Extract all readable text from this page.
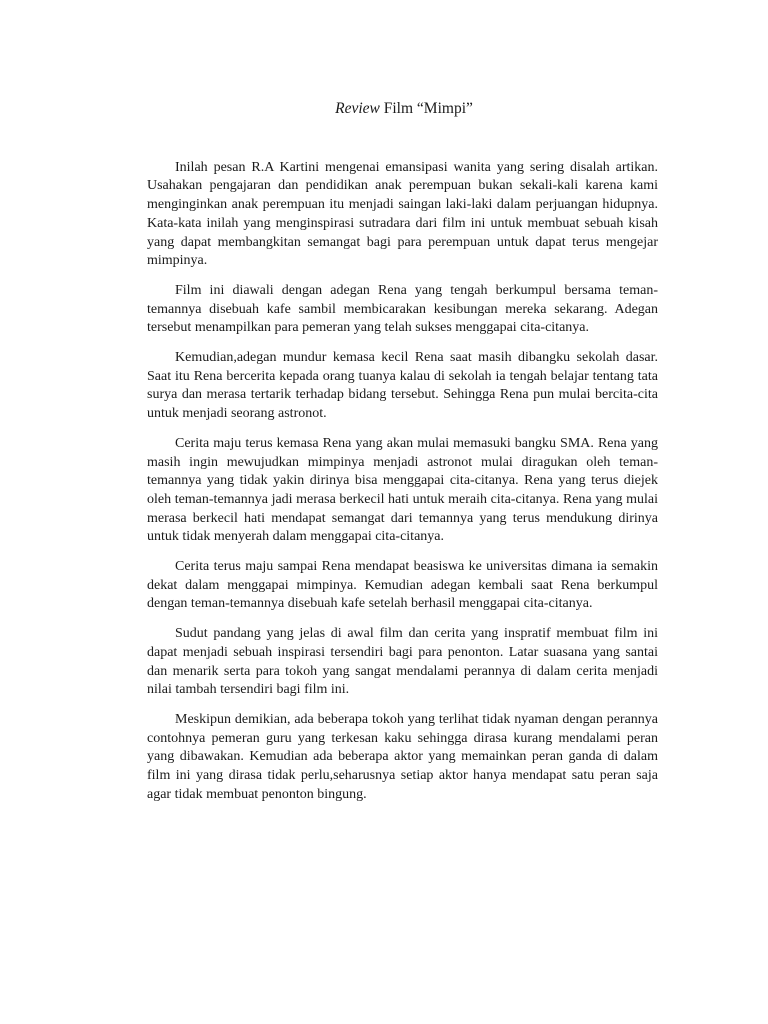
Review Film “Mimpi”

Inilah pesan R.A Kartini mengenai emansipasi wanita yang sering disalah artikan. Usahakan pengajaran dan pendidikan anak perempuan bukan sekali-kali karena kami menginginkan anak perempuan itu menjadi saingan laki-laki dalam perjuangan hidupnya. Kata-kata inilah yang menginspirasi sutradara dari film ini untuk membuat sebuah kisah yang dapat membangkitan semangat bagi para perempuan untuk dapat terus mengejar mimpinya.

Film ini diawali dengan adegan Rena yang tengah berkumpul bersama teman-temannya disebuah kafe sambil membicarakan kesibungan mereka sekarang. Adegan tersebut menampilkan para pemeran yang telah sukses menggapai cita-citanya.

Kemudian,adegan mundur kemasa kecil Rena saat masih dibangku sekolah dasar. Saat itu Rena bercerita kepada orang tuanya kalau di sekolah ia tengah belajar tentang tata surya dan merasa tertarik terhadap bidang tersebut. Sehingga Rena pun mulai bercita-cita untuk menjadi seorang astronot.

Cerita maju terus kemasa Rena yang akan mulai memasuki bangku SMA. Rena yang masih ingin mewujudkan mimpinya menjadi astronot mulai diragukan oleh teman-temannya yang tidak yakin dirinya bisa menggapai cita-citanya. Rena yang terus diejek oleh teman-temannya jadi merasa berkecil hati untuk meraih cita-citanya. Rena yang mulai merasa berkecil hati mendapat semangat dari temannya yang terus mendukung dirinya untuk tidak menyerah dalam menggapai cita-citanya.

Cerita terus maju sampai Rena mendapat beasiswa ke universitas dimana ia semakin dekat dalam menggapai mimpinya. Kemudian adegan kembali saat Rena berkumpul dengan teman-temannya disebuah kafe setelah berhasil menggapai cita-citanya.

Sudut pandang yang jelas di awal film dan cerita yang inspratif membuat film ini dapat menjadi sebuah inspirasi tersendiri bagi para penonton. Latar suasana yang santai dan menarik serta para tokoh yang sangat mendalami perannya di dalam cerita menjadi nilai tambah tersendiri bagi film ini.

Meskipun demikian, ada beberapa tokoh yang terlihat tidak nyaman dengan perannya contohnya pemeran guru yang terkesan kaku sehingga dirasa kurang mendalami peran yang dibawakan. Kemudian ada beberapa aktor yang memainkan peran ganda di dalam film ini yang dirasa tidak perlu,seharusnya setiap aktor hanya mendapat satu peran saja agar tidak membuat penonton bingung.
